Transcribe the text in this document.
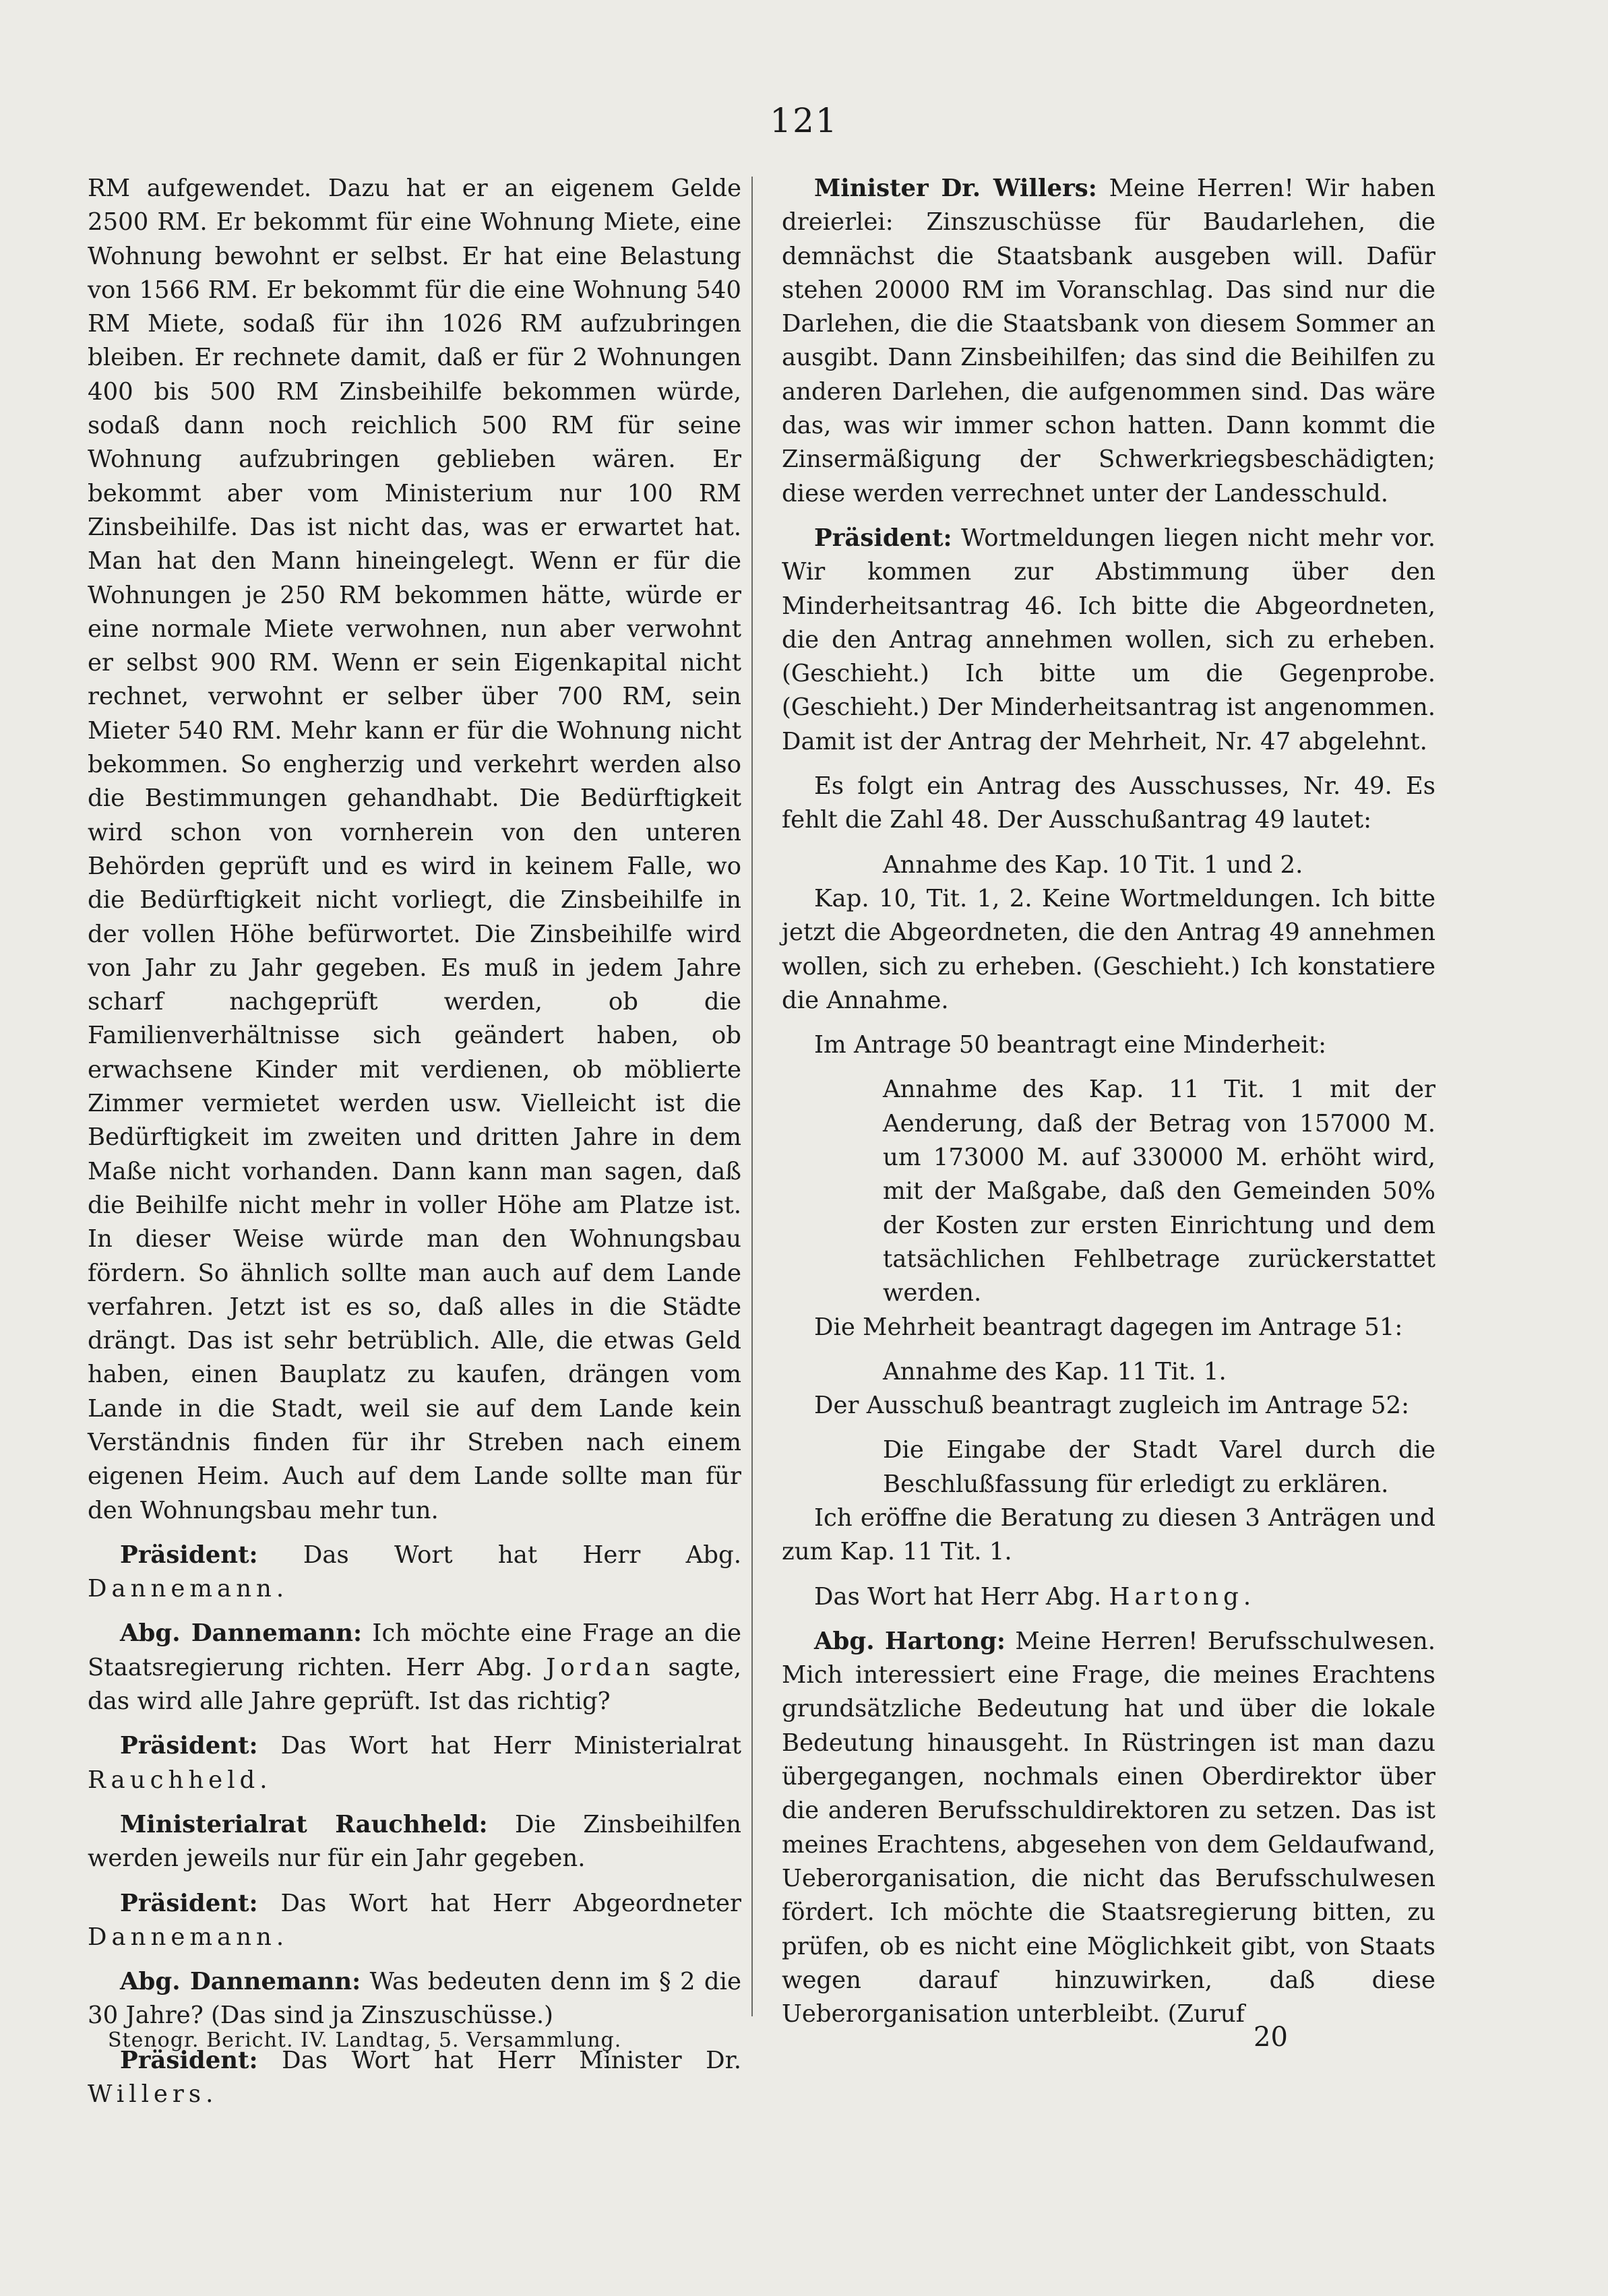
121

RM aufgewendet. Dazu hat er an eigenem Gelde 2500 RM. Er bekommt für eine Wohnung Miete, eine Wohnung bewohnt er selbst. Er hat eine Belastung von 1566 RM. Er bekommt für die eine Wohnung 540 RM Miete, sodaß für ihn 1026 RM aufzubringen bleiben. Er rechnete damit, daß er für 2 Wohnungen 400 bis 500 RM Zinsbeihilfe bekommen würde, sodaß dann noch reichlich 500 RM für seine Wohnung aufzubringen geblieben wären. Er bekommt aber vom Ministerium nur 100 RM Zinsbeihilfe. Das ist nicht das, was er erwartet hat. Man hat den Mann hineingelegt. Wenn er für die Wohnungen je 250 RM bekommen hätte, würde er eine normale Miete verwohnen, nun aber verwohnt er selbst 900 RM. Wenn er sein Eigenkapital nicht rechnet, verwohnt er selber über 700 RM, sein Mieter 540 RM. Mehr kann er für die Wohnung nicht bekommen. So engherzig und verkehrt werden also die Bestimmungen gehandhabt. Die Bedürftigkeit wird schon von vornherein von den unteren Behörden geprüft und es wird in keinem Falle, wo die Bedürftigkeit nicht vorliegt, die Zinsbeihilfe in der vollen Höhe befürwortet. Die Zinsbeihilfe wird von Jahr zu Jahr gegeben. Es muß in jedem Jahre scharf nachgeprüft werden, ob die Familienverhältnisse sich geändert haben, ob erwachsene Kinder mit verdienen, ob möblierte Zimmer vermietet werden usw. Vielleicht ist die Bedürftigkeit im zweiten und dritten Jahre in dem Maße nicht vorhanden. Dann kann man sagen, daß die Beihilfe nicht mehr in voller Höhe am Platze ist. In dieser Weise würde man den Wohnungsbau fördern. So ähnlich sollte man auch auf dem Lande verfahren. Jetzt ist es so, daß alles in die Städte drängt. Das ist sehr betrüblich. Alle, die etwas Geld haben, einen Bauplatz zu kaufen, drängen vom Lande in die Stadt, weil sie auf dem Lande kein Verständnis finden für ihr Streben nach einem eigenen Heim. Auch auf dem Lande sollte man für den Wohnungsbau mehr tun.

Präsident: Das Wort hat Herr Abg. Dannemann.

Abg. Dannemann: Ich möchte eine Frage an die Staatsregierung richten. Herr Abg. Jordan sagte, das wird alle Jahre geprüft. Ist das richtig?

Präsident: Das Wort hat Herr Ministerialrat Rauchheld.

Ministerialrat Rauchheld: Die Zinsbeihilfen werden jeweils nur für ein Jahr gegeben.

Präsident: Das Wort hat Herr Abgeordneter Dannemann.

Abg. Dannemann: Was bedeuten denn im § 2 die 30 Jahre? (Das sind ja Zinszuschüsse.)

Präsident: Das Wort hat Herr Minister Dr. Willers.

Minister Dr. Willers: Meine Herren! Wir haben dreierlei: Zinszuschüsse für Baudarlehen, die demnächst die Staatsbank ausgeben will. Dafür stehen 20000 RM im Voranschlag. Das sind nur die Darlehen, die die Staatsbank von diesem Sommer an ausgibt. Dann Zinsbeihilfen; das sind die Beihilfen zu anderen Darlehen, die aufgenommen sind. Das wäre das, was wir immer schon hatten. Dann kommt die Zinsermäßigung der Schwerkriegsbeschädigten; diese werden verrechnet unter der Landesschuld.

Präsident: Wortmeldungen liegen nicht mehr vor. Wir kommen zur Abstimmung über den Minderheitsantrag 46. Ich bitte die Abgeordneten, die den Antrag annehmen wollen, sich zu erheben. (Geschieht.) Ich bitte um die Gegenprobe. (Geschieht.) Der Minderheitsantrag ist angenommen. Damit ist der Antrag der Mehrheit, Nr. 47 abgelehnt.

Es folgt ein Antrag des Ausschusses, Nr. 49. Es fehlt die Zahl 48. Der Ausschußantrag 49 lautet:

Annahme des Kap. 10 Tit. 1 und 2.

Kap. 10, Tit. 1, 2. Keine Wortmeldungen. Ich bitte jetzt die Abgeordneten, die den Antrag 49 annehmen wollen, sich zu erheben. (Geschieht.) Ich konstatiere die Annahme.

Im Antrage 50 beantragt eine Minderheit:

Annahme des Kap. 11 Tit. 1 mit der Aenderung, daß der Betrag von 157000 M. um 173000 M. auf 330000 M. erhöht wird, mit der Maßgabe, daß den Gemeinden 50% der Kosten zur ersten Einrichtung und dem tatsächlichen Fehlbetrage zurückerstattet werden.

Die Mehrheit beantragt dagegen im Antrage 51:

Annahme des Kap. 11 Tit. 1.

Der Ausschuß beantragt zugleich im Antrage 52:

Die Eingabe der Stadt Varel durch die Beschlußfassung für erledigt zu erklären.

Ich eröffne die Beratung zu diesen 3 Anträgen und zum Kap. 11 Tit. 1.

Das Wort hat Herr Abg. Hartong.

Abg. Hartong: Meine Herren! Berufsschulwesen. Mich interessiert eine Frage, die meines Erachtens grundsätzliche Bedeutung hat und über die lokale Bedeutung hinausgeht. In Rüstringen ist man dazu übergegangen, nochmals einen Oberdirektor über die anderen Berufsschuldirektoren zu setzen. Das ist meines Erachtens, abgesehen von dem Geldaufwand, Ueberorganisation, die nicht das Berufsschulwesen fördert. Ich möchte die Staatsregierung bitten, zu prüfen, ob es nicht eine Möglichkeit gibt, von Staats wegen darauf hinzuwirken, daß diese Ueberorganisation unterbleibt. (Zuruf

Stenogr. Bericht. IV. Landtag, 5. Versammlung.	20
